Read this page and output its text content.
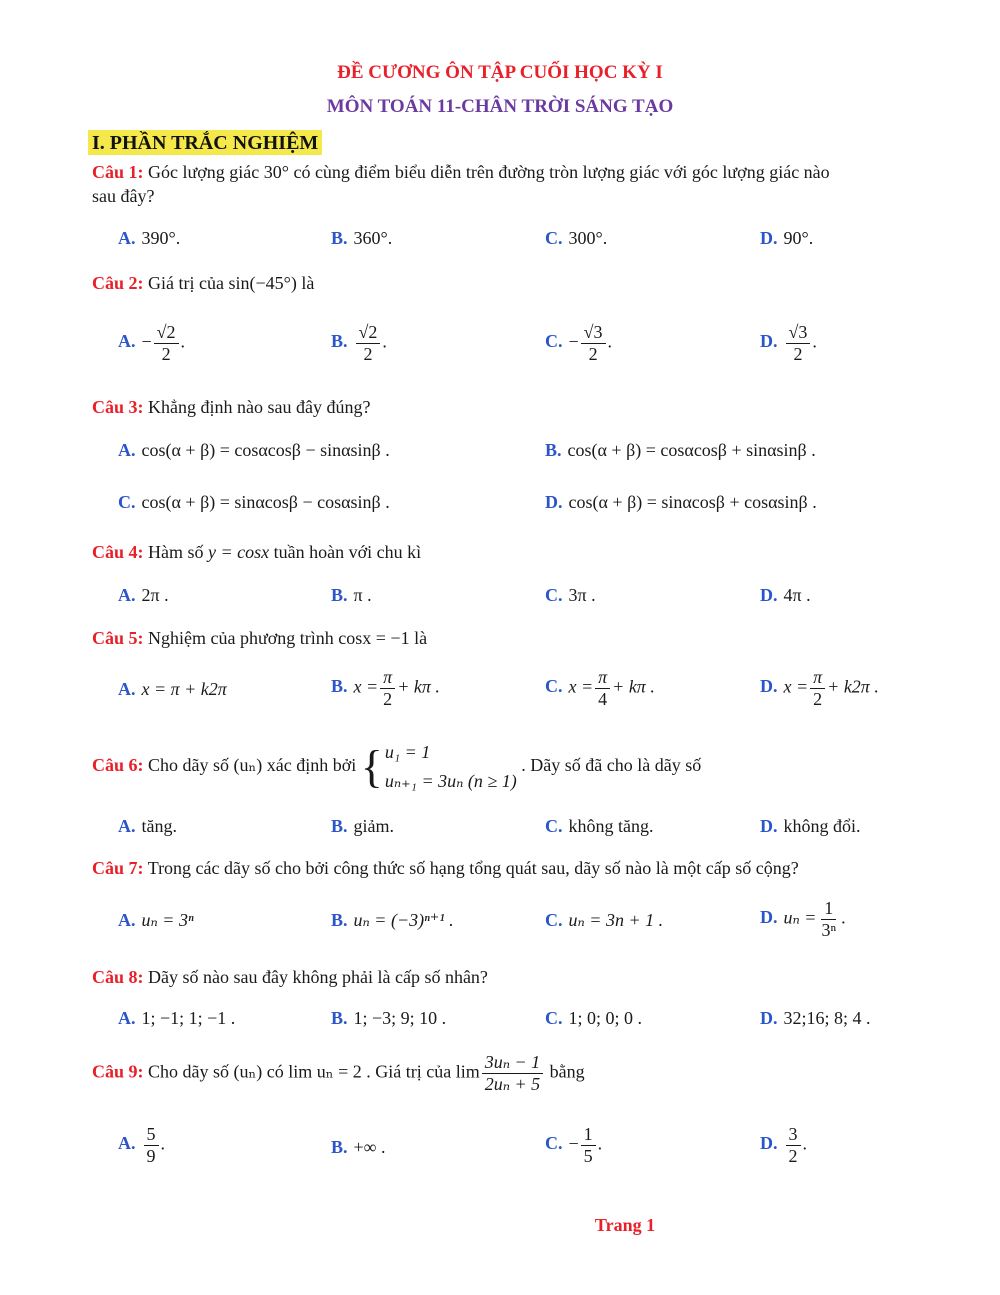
ĐỀ CƯƠNG ÔN TẬP CUỐI HỌC KỲ I
MÔN TOÁN 11-CHÂN TRỜI SÁNG TẠO
I. PHẦN TRẮC NGHIỆM
Câu 1: Góc lượng giác 30° có cùng điểm biểu diễn trên đường tròn lượng giác với góc lượng giác nào
sau đây?
A. 390°.	B. 360°.	C. 300°.	D. 90°.
Câu 2: Giá trị của sin(−45°) là
A. − $\frac{√2}{2}$ .	B. $\frac{√2}{2}$ .	C. − $\frac{√3}{2}$ .	D. $\frac{√3}{2}$ .
Câu 3: Khẳng định nào sau đây đúng?
A. cos(α + β) = cosαcosβ − sinαsinβ .	B. cos(α + β) = cosαcosβ + sinαsinβ .
C. cos(α + β) = sinαcosβ − cosαsinβ .	D. cos(α + β) = sinαcosβ + cosαsinβ .
Câu 4: Hàm số y = cosx tuần hoàn với chu kì
A. 2π .	B. π .	C. 3π .	D. 4π .
Câu 5: Nghiệm của phương trình cosx = −1 là
A. x = π + k2π	B. $x = \frac{\pi}{2} + k\pi$ .	C. $x = \frac{\pi}{4} + k\pi$ .	D. $x = \frac{\pi}{2} + k2\pi$ .
Câu 6: Cho dãy số (uₙ) xác định bởi { u₁ = 1
uₙ₊₁ = 3uₙ (n ≥ 1)
. Dãy số đã cho là dãy số
A. tăng.	B. giảm.	C. không tăng.	D. không đổi.
Câu 7: Trong các dãy số cho bởi công thức số hạng tổng quát sau, dãy số nào là một cấp số cộng?
A. uₙ = 3ⁿ	B. uₙ = (−3)ⁿ⁺¹ .	C. uₙ = 3n + 1 .	D. $u_n = \frac{1}{\text{3ⁿ}}$ .
Câu 8: Dãy số nào sau đây không phải là cấp số nhân?
A. 1; −1; 1; −1 .	B. 1; −3; 9; 10 .	C. 1; 0; 0; 0 .	D. 32;16; 8; 4 .
Câu 9: Cho dãy số (uₙ) có lim uₙ = 2 . Giá trị của $\lim \frac{\text{3uₙ − 1}}{\text{2uₙ + 5}}$ bằng
A. $\frac{5}{9}$ .	B. +∞ .	C. − $\frac{1}{5}$ .	D. $\frac{3}{2}$ .
Trang 1
